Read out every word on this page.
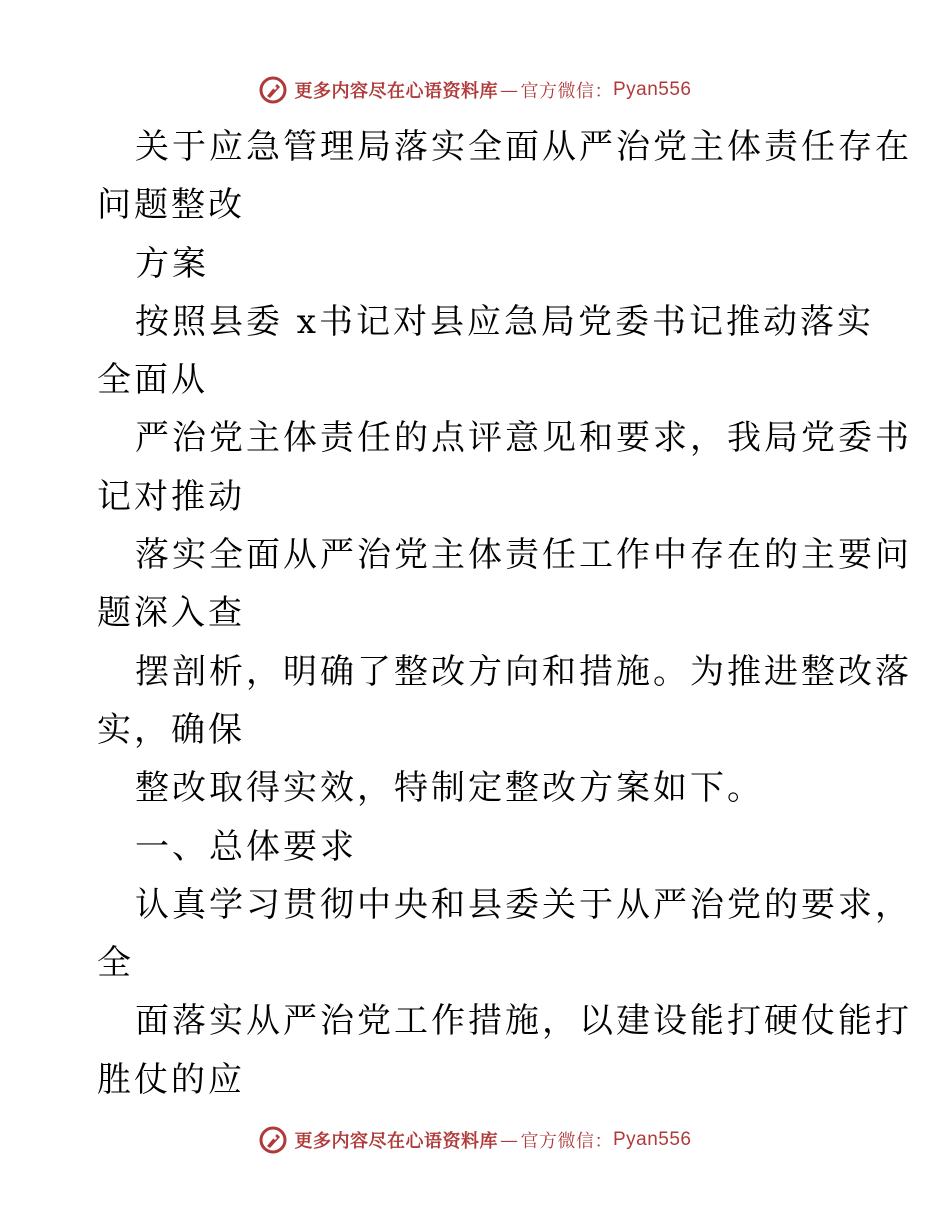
更多内容尽在心语资料库 — 官方微信： Pyan556

关于应急管理局落实全面从严治党主体责任存在

问题整改

方案

按照县委 x书记对县应急局党委书记推动落实

全面从

严治党主体责任的点评意见和要求，我局党委书

记对推动

落实全面从严治党主体责任工作中存在的主要问

题深入查

摆剖析，明确了整改方向和措施。为推进整改落

实，确保

整改取得实效，特制定整改方案如下。

一、总体要求

认真学习贯彻中央和县委关于从严治党的要求，

全

面落实从严治党工作措施，以建设能打硬仗能打

胜仗的应

更多内容尽在心语资料库 — 官方微信： Pyan556
